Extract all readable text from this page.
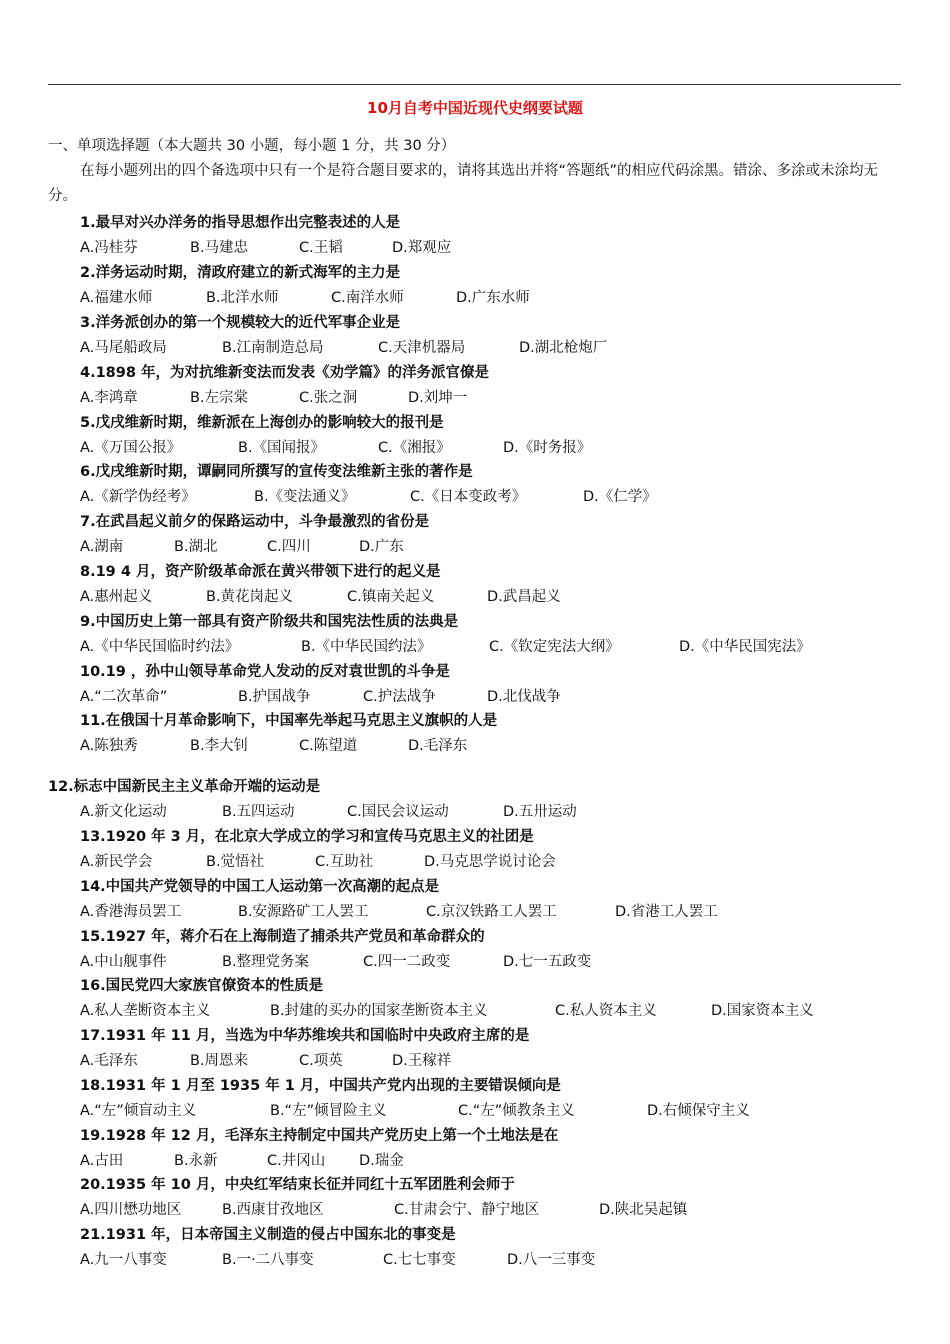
10月自考中国近现代史纲要试题
一、单项选择题（本大题共 30 小题，每小题 1 分，共 30 分）
在每小题列出的四个备选项中只有一个是符合题目要求的，请将其选出并将“答题纸”的相应代码涂黑。错涂、多涂或未涂均无分。
1.最早对兴办洋务的指导思想作出完整表述的人是
A.冯桂芬	B.马建忠	C.王韬	D.郑观应
2.洋务运动时期，清政府建立的新式海军的主力是
A.福建水师	B.北洋水师	C.南洋水师	D.广东水师
3.洋务派创办的第一个规模较大的近代军事企业是
A.马尾船政局	B.江南制造总局	C.天津机器局	D.湖北枪炮厂
4.1898 年，为对抗维新变法而发表《劝学篇》的洋务派官僚是
A.李鸿章	B.左宗棠	C.张之洞	D.刘坤一
5.戊戌维新时期，维新派在上海创办的影响较大的报刊是
A.《万国公报》	B.《国闻报》	C.《湘报》	D.《时务报》
6.戊戌维新时期，谭嗣同所撰写的宣传变法维新主张的著作是
A.《新学伪经考》	B.《变法通义》	C.《日本变政考》	D.《仁学》
7.在武昌起义前夕的保路运动中，斗争最激烈的省份是
A.湖南	B.湖北	C.四川	D.广东
8.19 4 月，资产阶级革命派在黄兴带领下进行的起义是
A.惠州起义	B.黄花岗起义	C.镇南关起义	D.武昌起义
9.中国历史上第一部具有资产阶级共和国宪法性质的法典是
A.《中华民国临时约法》	B.《中华民国约法》	C.《钦定宪法大纲》	D.《中华民国宪法》
10.19 ，孙中山领导革命党人发动的反对袁世凯的斗争是
A.“二次革命”	B.护国战争	C.护法战争	D.北伐战争
11.在俄国十月革命影响下，中国率先举起马克思主义旗帜的人是
A.陈独秀	B.李大钊	C.陈望道	D.毛泽东
12.标志中国新民主主义革命开端的运动是
A.新文化运动	B.五四运动	C.国民会议运动	D.五卅运动
13.1920 年 3 月，在北京大学成立的学习和宣传马克思主义的社团是
A.新民学会	B.觉悟社	C.互助社	D.马克思学说讨论会
14.中国共产党领导的中国工人运动第一次高潮的起点是
A.香港海员罢工	B.安源路矿工人罢工	C.京汉铁路工人罢工	D.省港工人罢工
15.1927 年，蒋介石在上海制造了捕杀共产党员和革命群众的
A.中山舰事件	B.整理党务案	C.四一二政变	D.七一五政变
16.国民党四大家族官僚资本的性质是
A.私人垄断资本主义	B.封建的买办的国家垄断资本主义	C.私人资本主义	D.国家资本主义
17.1931 年 11 月，当选为中华苏维埃共和国临时中央政府主席的是
A.毛泽东	B.周恩来	C.项英	D.王稼祥
18.1931 年 1 月至 1935 年 1 月，中国共产党内出现的主要错误倾向是
A.“左”倾盲动主义	B.“左”倾冒险主义	C.“左”倾教条主义	D.右倾保守主义
19.1928 年 12 月，毛泽东主持制定中国共产党历史上第一个土地法是在
A.古田	B.永新	C.井冈山 D.瑞金
20.1935 年 10 月，中央红军结束长征并同红十五军团胜利会师于
A.四川懋功地区	B.西康甘孜地区	C.甘肃会宁、静宁地区	D.陕北吴起镇
21.1931 年，日本帝国主义制造的侵占中国东北的事变是
A.九一八事变	B.一·二八事变	C.七七事变	D.八一三事变
